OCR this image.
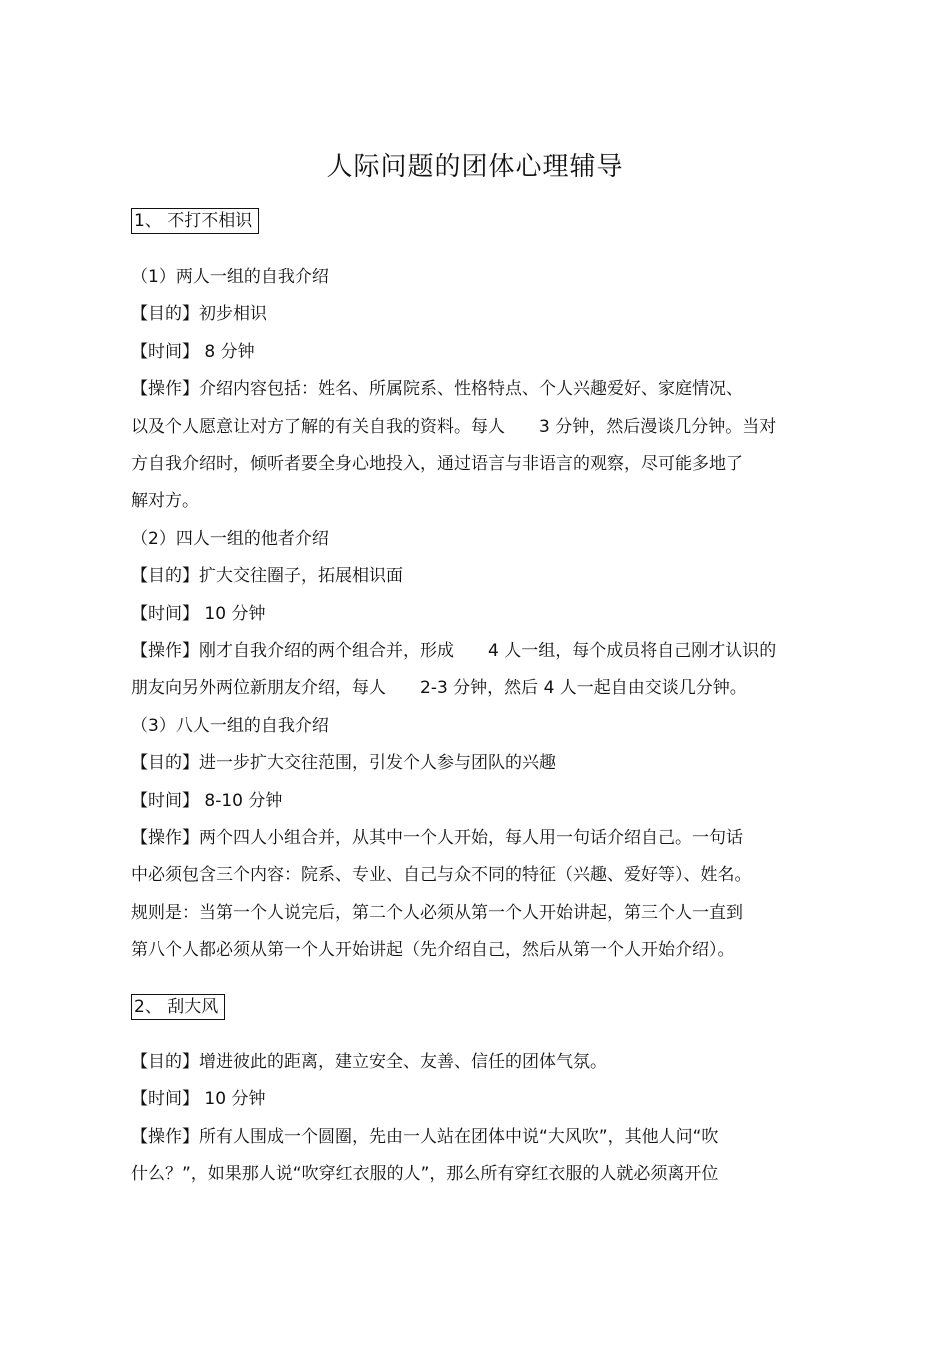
人际问题的团体心理辅导
1、 不打不相识
（1）两人一组的自我介绍
【目的】初步相识
【时间】 8 分钟
【操作】介绍内容包括：姓名、所属院系、性格特点、个人兴趣爱好、家庭情况、
以及个人愿意让对方了解的有关自我的资料。每人　　3 分钟，然后漫谈几分钟。当对
方自我介绍时，倾听者要全身心地投入，通过语言与非语言的观察，尽可能多地了
解对方。
（2）四人一组的他者介绍
【目的】扩大交往圈子，拓展相识面
【时间】 10 分钟
【操作】刚才自我介绍的两个组合并，形成　　4 人一组，每个成员将自己刚才认识的
朋友向另外两位新朋友介绍，每人　　2-3 分钟，然后 4 人一起自由交谈几分钟。
（3）八人一组的自我介绍
【目的】进一步扩大交往范围，引发个人参与团队的兴趣
【时间】 8-10 分钟
【操作】两个四人小组合并，从其中一个人开始，每人用一句话介绍自己。一句话
中必须包含三个内容：院系、专业、自己与众不同的特征（兴趣、爱好等）、姓名。
规则是：当第一个人说完后，第二个人必须从第一个人开始讲起，第三个人一直到
第八个人都必须从第一个人开始讲起（先介绍自己，然后从第一个人开始介绍）。
2、 刮大风
【目的】增进彼此的距离，建立安全、友善、信任的团体气氛。
【时间】 10 分钟
【操作】所有人围成一个圆圈，先由一人站在团体中说“大风吹”，其他人问“吹
什么？”，如果那人说“吹穿红衣服的人”，那么所有穿红衣服的人就必须离开位
